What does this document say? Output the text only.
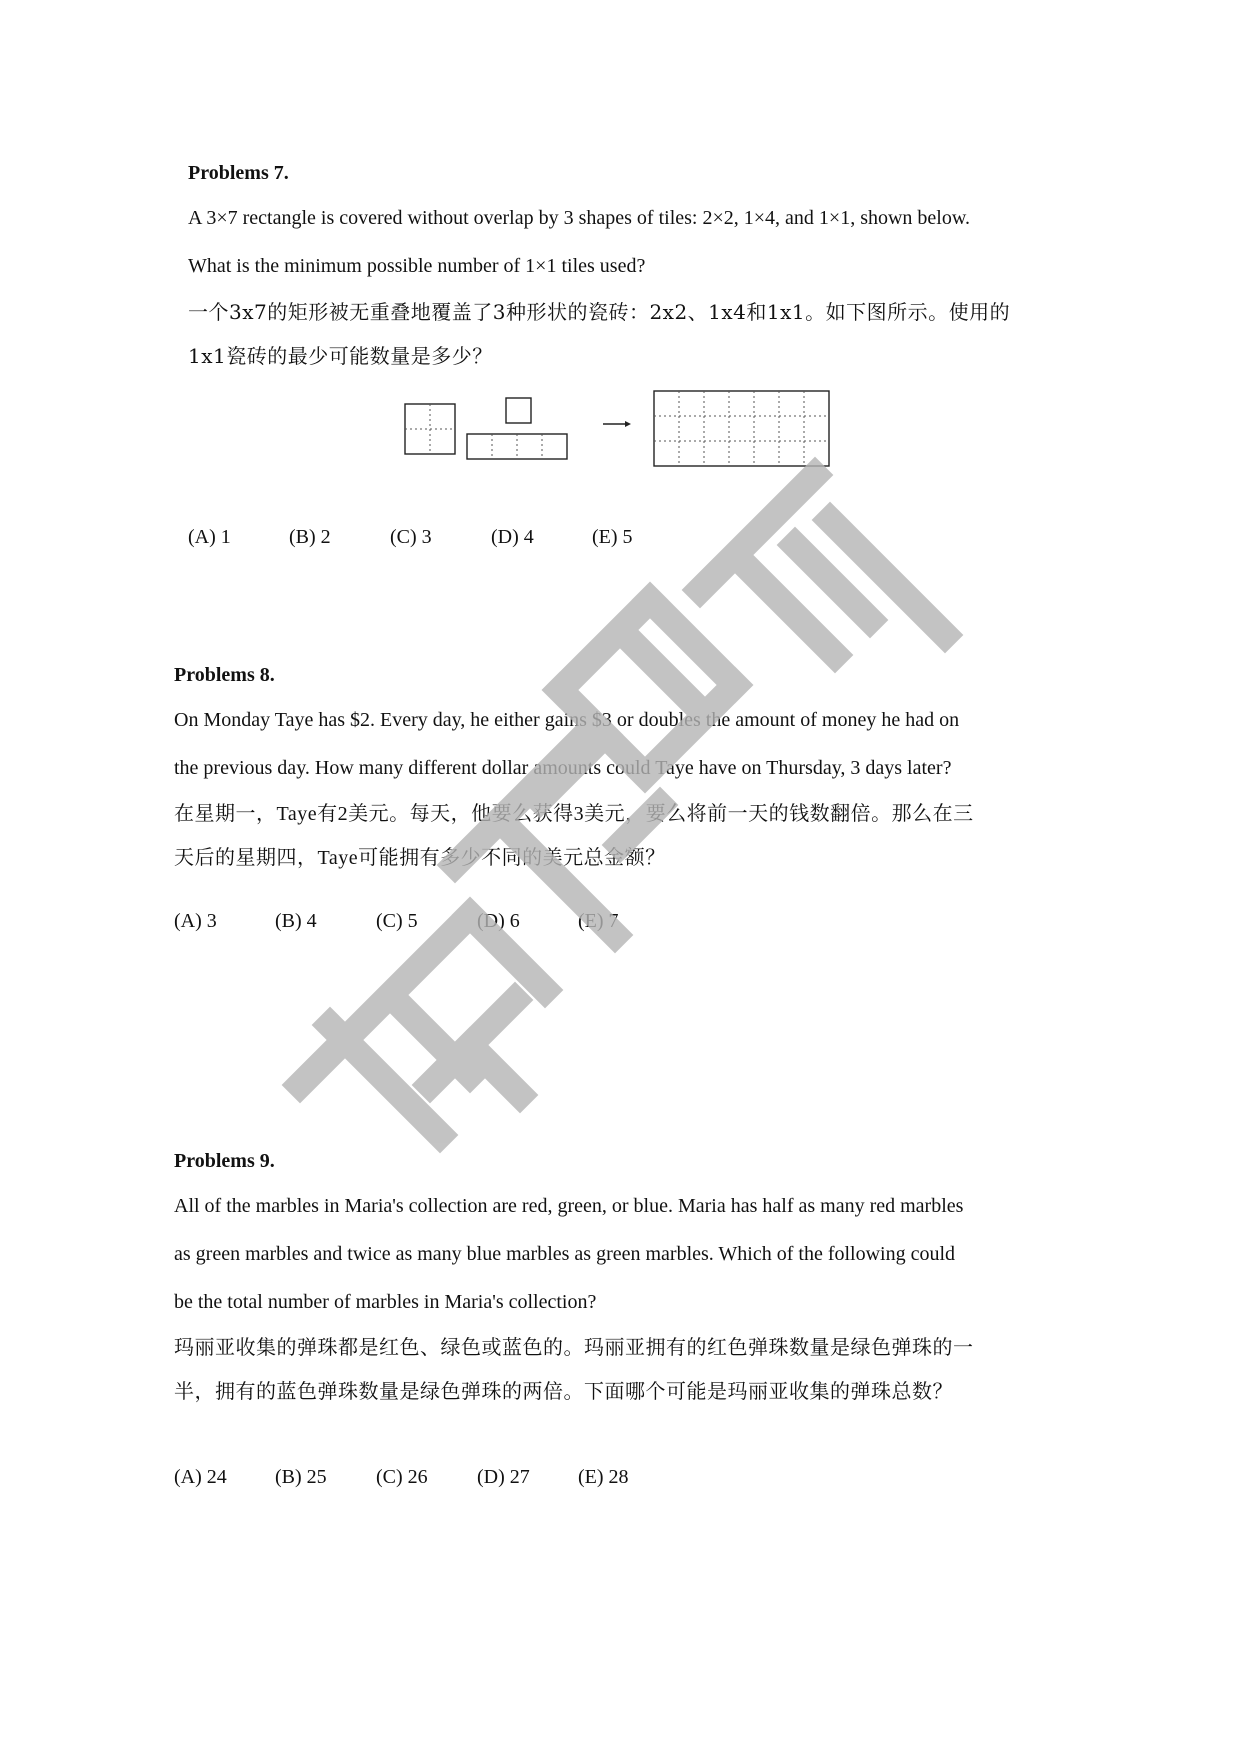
Problems 7.

A 3×7 rectangle is covered without overlap by 3 shapes of tiles: 2×2, 1×4, and 1×1, shown below.

What is the minimum possible number of 1×1 tiles used?

一个3x7的矩形被无重叠地覆盖了3种形状的瓷砖：2x2、1x4和1x1。如下图所示。使用的

1x1瓷砖的最少可能数量是多少？

(A) 1	(B) 2	(C) 3	(D) 4	(E) 5

Problems 8.

On Monday Taye has $2. Every day, he either gains $3 or doubles the amount of money he had on

the previous day. How many different dollar amounts could Taye have on Thursday, 3 days later?

在星期一，Taye有2美元。每天，他要么获得3美元，要么将前一天的钱数翻倍。那么在三

天后的星期四，Taye可能拥有多少不同的美元总金额？

(A) 3	(B) 4	(C) 5	(D) 6	(E) 7

Problems 9.

All of the marbles in Maria's collection are red, green, or blue. Maria has half as many red marbles

as green marbles and twice as many blue marbles as green marbles. Which of the following could

be the total number of marbles in Maria's collection?

玛丽亚收集的弹珠都是红色、绿色或蓝色的。玛丽亚拥有的红色弹珠数量是绿色弹珠的一

半，拥有的蓝色弹珠数量是绿色弹珠的两倍。下面哪个可能是玛丽亚收集的弹珠总数？

(A) 24	(B) 25	(C) 26	(D) 27	(E) 28
